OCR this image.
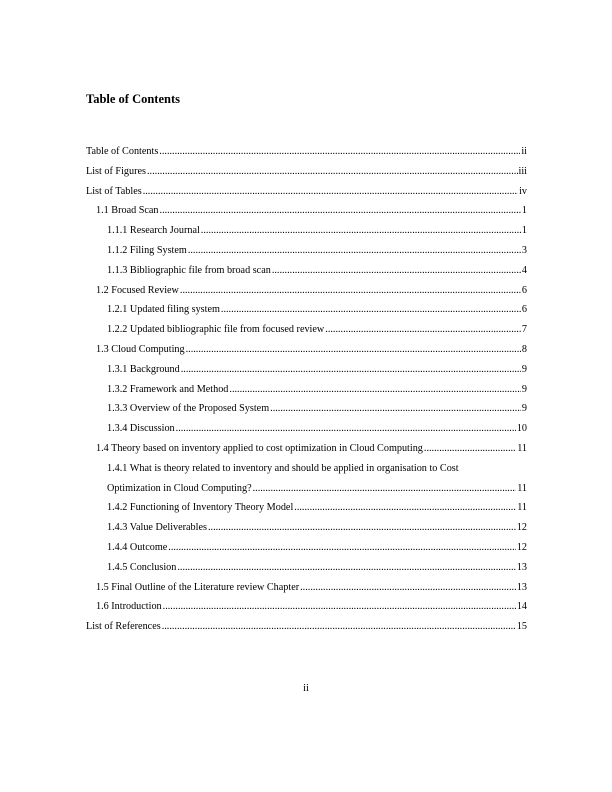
Table of Contents
Table of Contents .....	ii
List of Figures .....	iii
List of Tables .....	iv
1.1 Broad Scan .....	1
1.1.1 Research Journal .....	1
1.1.2 Filing System .....	3
1.1.3 Bibliographic file from broad scan .....	4
1.2 Focused Review .....	6
1.2.1 Updated filing system .....	6
1.2.2 Updated bibliographic file from focused review .....	7
1.3 Cloud Computing .....	8
1.3.1 Background .....	9
1.3.2 Framework and Method .....	9
1.3.3 Overview of the Proposed System .....	9
1.3.4 Discussion .....	10
1.4 Theory based on inventory applied to cost optimization in Cloud Computing .....	11
1.4.1 What is theory related to inventory and should be applied in organisation to Cost
Optimization in Cloud Computing? .....	11
1.4.2 Functioning of Inventory Theory Model .....	11
1.4.3 Value Deliverables .....	12
1.4.4 Outcome .....	12
1.4.5 Conclusion .....	13
1.5 Final Outline of the Literature review Chapter .....	13
1.6 Introduction .....	14
List of References .....	15
ii
